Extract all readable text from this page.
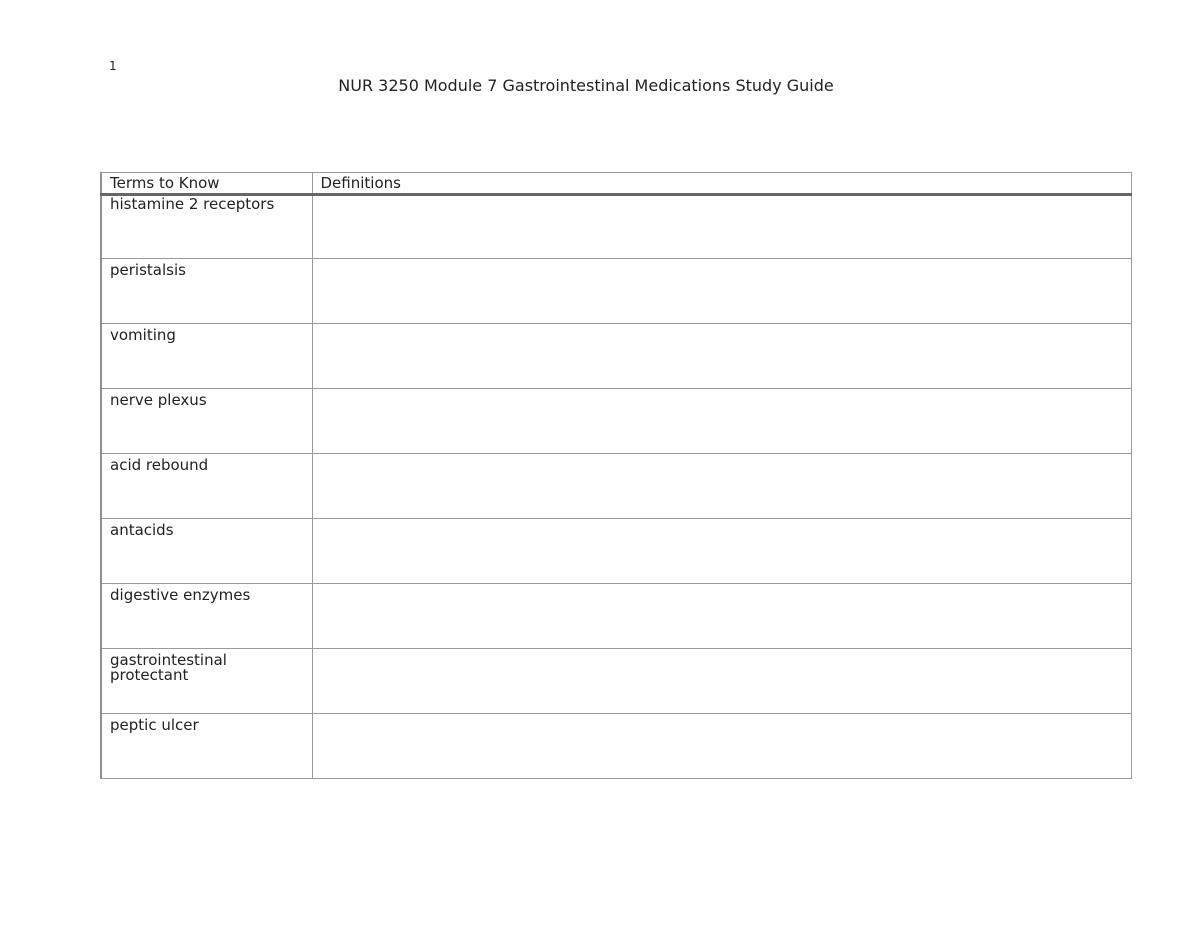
1
NUR 3250 Module 7 Gastrointestinal Medications Study Guide
Terms to Know	Definitions
histamine 2 receptors	
peristalsis	
vomiting	
nerve plexus	
acid rebound	
antacids	
digestive enzymes	
gastrointestinal protectant	
peptic ulcer	
